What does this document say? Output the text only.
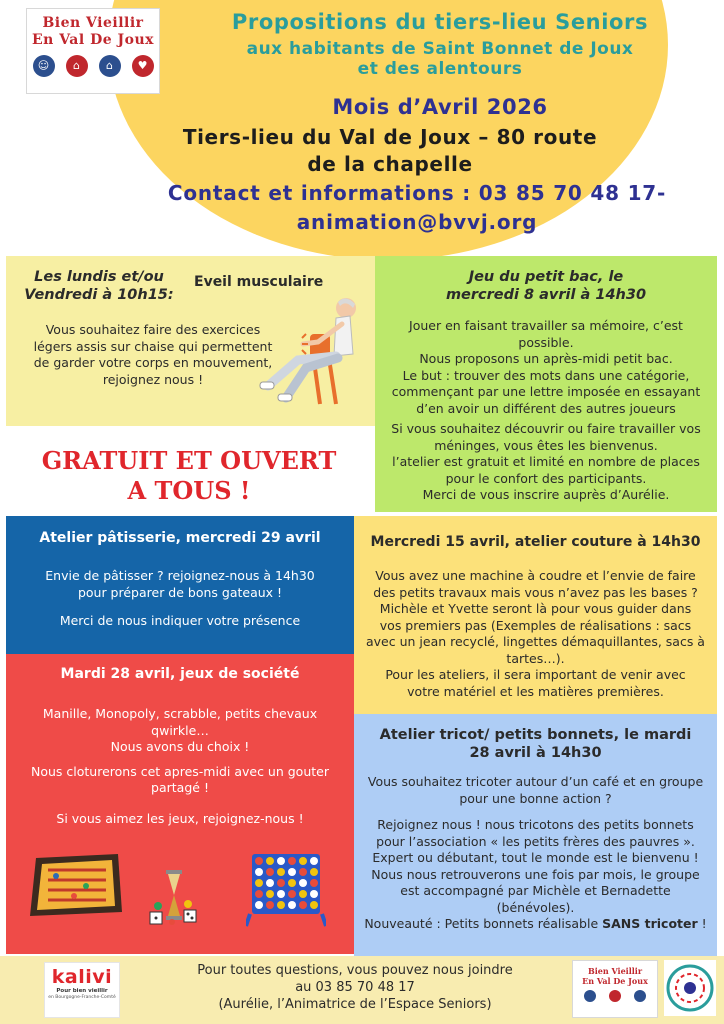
Bien Vieillir
En Val De Joux
☺	⌂	⌂	♥
Propositions du tiers-lieu Seniors
aux habitants de Saint Bonnet de Joux
et des alentours
Mois d’Avril 2026
Tiers-lieu du Val de Joux – 80 route
de la chapelle
Contact et informations : 03 85 70 48 17-
animation@bvvj.org
Les lundis et/ou
Vendredi à 10h15:
Eveil musculaire
Vous souhaitez faire des exercices
légers assis sur chaise qui permettent
de garder votre corps en mouvement,
rejoignez nous !
Jeu du petit bac, le
mercredi 8 avril à 14h30
Jouer en faisant travailler sa mémoire, c’est
possible.
Nous proposons un après-midi petit bac.
Le but : trouver des mots dans une catégorie,
commençant par une lettre imposée en essayant
d’en avoir un différent des autres joueurs
Si vous souhaitez découvrir ou faire travailler vos
méninges, vous êtes les bienvenus.
l’atelier est gratuit et limité en nombre de places
pour le confort des participants.
Merci de vous inscrire auprès d’Aurélie.
GRATUIT ET OUVERT
A TOUS !
Atelier pâtisserie, mercredi 29 avril
Envie de pâtisser ? rejoignez-nous à 14h30
pour préparer de bons gateaux !
Merci de nous indiquer votre présence
Mercredi 15 avril, atelier couture à 14h30
Vous avez une machine à coudre et l’envie de faire
des petits travaux mais vous n’avez pas les bases ?
Michèle et Yvette seront là pour vous guider dans
vos premiers pas (Exemples de réalisations : sacs
avec un jean recyclé, lingettes démaquillantes, sacs à
tartes…).
Pour les ateliers, il sera important de venir avec
votre matériel et les matières premières.
Mardi 28 avril, jeux de société
Manille, Monopoly, scrabble, petits chevaux
qwirkle…
Nous avons du choix !
Nous cloturerons cet apres-midi avec un gouter
partagé !
Si vous aimez les jeux, rejoignez-nous !
Atelier tricot/ petits bonnets, le mardi
28 avril à 14h30
Vous souhaitez tricoter autour d’un café et en groupe
pour une bonne action ?
Rejoignez nous ! nous tricotons des petits bonnets
pour l’association « les petits frères des pauvres ».
Expert ou débutant, tout le monde est le bienvenu !
Nous nous retrouverons une fois par mois, le groupe
est accompagné par Michèle et Bernadette
(bénévoles).
Nouveauté : Petits bonnets réalisable SANS tricoter !
kalivi
Pour bien vieillir
en Bourgogne-Franche-Comté
Pour toutes questions, vous pouvez nous joindre
au 03 85 70 48 17
(Aurélie, l’Animatrice de l’Espace Seniors)
Bien Vieillir
En Val De Joux
